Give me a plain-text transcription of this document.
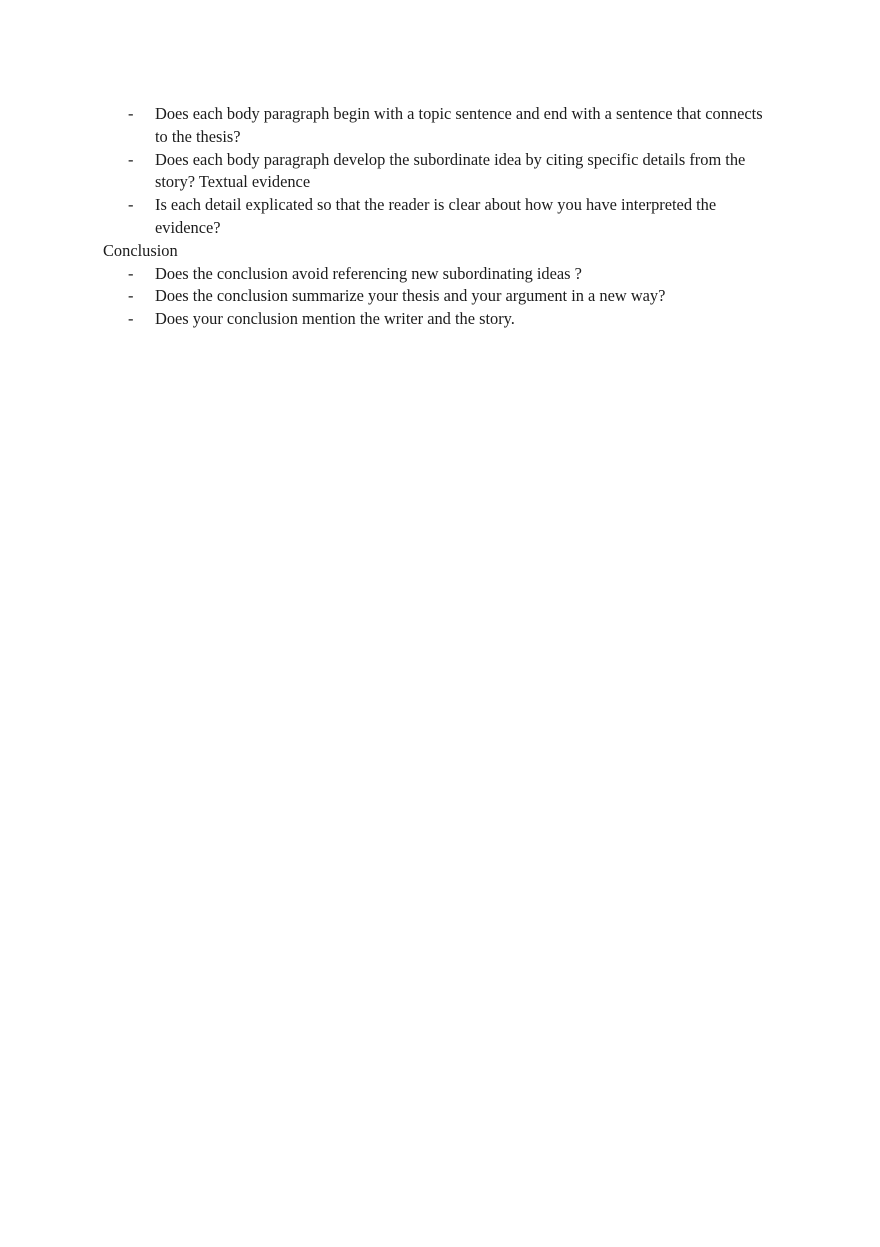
- Does each body paragraph begin with a topic sentence and end with a sentence that connects to the thesis?
- Does each body paragraph develop the subordinate idea by citing specific details from the story? Textual evidence
- Is each detail explicated so that the reader is clear about how you have interpreted the evidence?

Conclusion

- Does the conclusion avoid referencing new subordinating ideas ?
- Does the conclusion summarize your thesis and your argument in a new way?
- Does your conclusion mention the writer and the story.
